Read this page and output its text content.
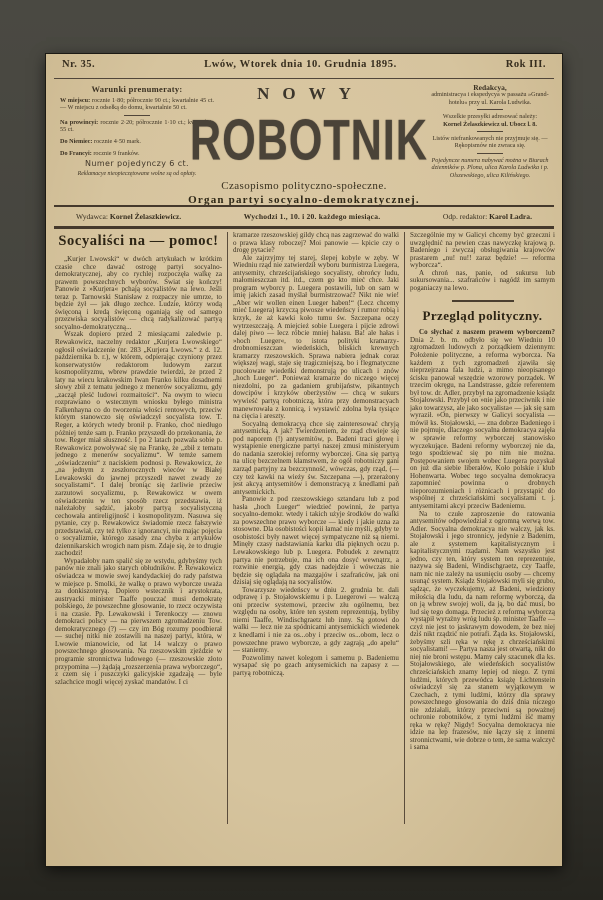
Nr. 35.	Lwów, Wtorek dnia 10. Grudnia 1895.	Rok III.
Warunki prenumeraty:
W miejscu: rocznie 1·80; półrocznie 90 ct.; kwartalnie 45 ct. — W miejscu z odsełką do domu, kwartalnie 50 ct.
Na prowincyi: rocznie 2·20; półrocznie 1·10 ct.; kwartalnie 55 ct.
Do Niemiec: rocznie 4·50 mark.
Do Francyi: rocznie 9 franków.
Numer pojedynczy 6 ct.
Reklamacye nieopieczętowane wolne są od opłaty.
NOWY
ROBOTNIK
Czasopismo polityczno-społeczne.
Organ partyi socyalno-demokratycznej.
Redakcya,
administracya i ekspedycya w passażu »Grand-hotelu« przy ul. Karola Ludwika.
Wszelkie przesyłki adresować należy:
Kornel Żelaszkiewicz ul. Ubocz l. 8.
Listów niefrankowanych nie przyjmuje się. — Rękopismów nie zwraca się.
Pojedyncze numera nabywać można w Biurach dzienników p. Plona, ulica Karola Ludwika i p. Olszewskiego, ulica Kilińskiego.
Wydawca: Kornel Żelaszkiewicz.	Wychodzi 1., 10. i 20. każdego miesiąca.	Odp. redaktor: Karol Ładra.
Socyaliści na — pomoc!

„Kurjer Lwowski“ w dwóch artykułach w krótkim czasie chce dawać ostrogę partyi socyalno-demokratycznej, aby co rychlej rozpoczęła walkę za prawem powszechnych wyborów. Świat się kończy! Panowie z »Kurjera« pchają socyalistów na lewo. Jeśli teraz p. Tarnowski Stanisław z rozpaczy nie umrze, to będzie żył — jak długo zechce. Ludzie, którzy wodą święconą i kredą święconą oganiają się od samego przezwiska socyalistów — chcą radykalizować partyą socyalno-demokratyczną...

Wszak dopiero przed 2 miesiącami zaledwie p. Rewakowicz, naczelny redaktor „Kurjera Lwowskiego“ ogłosił oświadczenie (nr. 283 „Kurjera Lwows.“ z d. 12. października b. r.), w którem, odpierając czyniony przez konserwatystów redaktorom ludowym zarzut kosmopolityzmu, wbrew prawdzie twierdzi, że przed 2 laty na wiecu krakowskim Iwan Franko kilku dosadnemi słowy zbił z tematu jednego z menerów socyalizmu, gdy „zaczął pleść ludowi rozmaitości“. Na owym to wiecu rozprawiano o wstecznym wniosku byłego ministra Falkenhayna co do tworzenia włości rentowych, przeciw którym stanowczo się oświadczył socyalista tow. T. Reger, a których wtedy bronił p. Franko, choć niedługo później tenże sam p. Franko przyszedł do przekonania, że tow. Reger miał słuszność. I po 2 latach pozwala sobie p. Rewakowicz powoływać się na Frankę, że „zbił z tematu jednego z menerów socyalizmu“. W temże samem „oświadczeniu“ z naciskiem podnosi p. Rewakowicz, że „na jednym z zeszłorocznych wieców w Białej Lewakowski do jawnej przyszedł nawet zwady ze socyalistami“. I dalej broniąc się żarliwie przeciw zarzutowi socyalizmu, p. Rewakowicz w owem oświadczeniu w ten sposób rzecz przedstawia, iż należałoby sądzić, jakoby partyą socyalistyczną cechowała antireligijność i kosmopolityzm. Nasuwa się pytanie, czy p. Rewakowicz świadomie rzecz fałszywie przedstawiał, czy też tylko z ignorancyi, nie mając pojęcia o socyalizmie, którego zasady zna chyba z artykułów dziennikarskich wrogich nam pism. Zdaje się, że to drugie zachodzi!

Wypadałoby nam spalić się ze wstydu, gdybyśmy tych panów nie znali jako starych obłudników. P. Rewakowicz oświadcza w mowie swej kandydackiej do rady państwa w miejsce p. Smolki, że walkę o prawo wyborcze uważa za donkiszoteryą. Dopiero wstecznik i arystokrata, austryacki minister Taaffe pouczać musi demokratę polskiego, że powszechne głosowanie, to rzecz oczywista i na czasie. Pp. Lewakowski i Terenkoczy — znowu demokraci polscy — na pierwszem zgromadzeniu Tow. demokratycznego (?) — czy im Bóg rozumy poodbierał — suchej nitki nie zostawili na naszej partyi, która, w Lwowie mianowicie, od lat 14 walczy o prawo powszechnego głosowania. Na rzeszowskim zjeździe w programie stronnictwa ludowego (— rzeszowskie złoto przypomina —) żądają „rozszerzenia prawa wyborczego“, z czem się i puszczyki galicyjskie zgadzają — byle szlachcice mogli więcej zyskać mandatów. I ci

kramarze rzeszowskiej gildy chcą nas zagrzewać do walki o prawa klasy roboczej? Moi panowie — kpicie czy o drogę pytacie?

Ale zajrzyjmy tej starej, ślepej kobyle w zęby. W Wiedniu rząd nie zatwierdził wyboru burmistrza Luegera, antysemity, chrześcijańskiego socyalisty, obrońcy ludu, małomieszczan itd. itd., czem go kto mieć chce. Jaki program wyborcy p. Luegera postawili, lub on sam w imię jakich zasad myślał burmistrzować? Nikt nie wie! „Aber wir wollen einen Lueger haben!“ (Lecz chcemy mieć Luegera) krzyczą piwosze wiedeńscy i rumor robią i krzyk, że aż kawki koło tumu św. Szczepana oczy wytrzeszczają. A miejcież sobie Luegera i pijcie zdrowi dalej piwo — lecz róbcie mniej hałasu. Ba! ale hałas i »hoch Lueger«, to istota polityki kramarzy-drobnomieszczan wiedeńskich, bliskich krewnych kramarzy rzeszowskich. Sprawa nabiera jednak coraz większej wagi, staje się tragiczniejszą, bo i flegmatyczne pucołowate wiedeńki demonstrują po ulicach i znów „hoch Lueger“. Ponieważ kramarze do niczego więcej niezdolni, po za gadaniem grubijaństw, pikantnych dowcipów i krzyków oberżystów — chcą w sukurs wywieść partyą robotniczą, która przy demonstracyach manewrowała z konnicą, i wystawić zdolna była tysiące na cięcia i areszty.

Socyalną demokracyą chce się zainteresować chryją antysemicką. A jak? Twierdzeniem, że rząd chwieje się pod naporem (!) antysemitów, p. Badeni traci głowę i wystąpienie energiczne partyi naszej zmusi ministeryum do nadania szerokiej reformy wyborczej. Gna się partyą na ulicę bezczelnem kłamstwem, że ogół robotniczy gani zarząd partyjny za bezczynność, wówczas, gdy rząd, (— czy też kawki na wieży św. Szczepana —), przerażony jest akcyą antysemitów i demonstracyą z knedlami pań antysemickich.

Panowie z pod rzeszowskiego sztandaru lub z pod hasła „hoch Lueger“ wiedzieć powinni, że partya socyalno-demokr. wtedy i takich użyje środków do walki za powszechne prawo wyborcze — kiedy i jakie uzna za stosowne. Dla osobistości kopii łamać nie myśli, gdyby te osobistości były nawet więcej sympatyczne niż są niemi. Minęły czasy nadstawiania karku dla pięknych oczu p. Lewakowskiego lub p. Luegera. Pobudek z zewnątrz partya nie potrzebuje, ma ich ona dosyć wewnątrz, a rozwinie energią, gdy czas nadejdzie i wówczas nie będzie się oglądała na mazgajów i szafrańców, jak oni dzisiaj się oglądają na socyalistów.

Towarzysze wiedeńscy w dniu 2. grudnia br. dali odprawę i p. Stojałowskiemu i p. Luegerowi — walczą oni przeciw systemowi, przeciw złu ogólnemu, bez względu na osoby, które ten system reprezentują, byliby niemi Taaffe, Windischgraetz lub inny. Są gotowi do walki — lecz nie za spódnicami antysemickich wiedenek z knedlami i nie za os...oby i przeciw os...obom, lecz o powszechne prawo wyborcze, a gdy zagrają „do apelu“ — staniemy.

Pozwolimy nawet kolegom i samemu p. Badeniemu wysapać się po gzach antysemickich na zapasy z — partyą robotniczą.

Szczególnie my w Galicyi chcemy być grzeczni i uwzględnić na pewien czas nawyczkę krajową p. Badeniego i zwyczaj obsługiwania krajowców prastarem „nu! nu!! zaraz będzie! — reforma wyborcza“.

A chroń nas, panie, od sukursu lub sukursowania... szafrańców i nagódź im samym poganiaczy na lewo.

Przegląd polityczny.

Co słychać z naszem prawem wyborczem? Dnia 2. b. m. odbyło się we Wiedniu 10 zgromadzeń ludowych z porządkiem dziennym: Położenie polityczne, a reforma wyborcza. Na każdem z tych zgromadzeń zjawiła się nieprzejrzana fala ludzi, a mimo nieopisanego ścisku panował wszędzie wzorowy porządek. W trzecim okręgu, na Landstrasse, gdzie referentem był tow. dr. Adler, przybył na zgromadzenie ksiądz Stojałowski. Przybył on »nie jako przeciwnik i nie jako towarzysz, ale jako socyalista« — jak się sam wyraził. »On, pierwszy w Galicyi socyalista — mówił ks. Stojałowski, — zna dobrze Badeniego i nie pojmuje, dlaczego socyalna demokracya zajęła w sprawie reformy wyborczej stanowisko wyczekujące. Badeni reformy wyborczej nie da, tego spodziewać się po nim nie można. Postępowaniem swojem wobec Luegera pozyskał on już dla siebie liberałów, Koło polskie i klub Hohenwarta. Wobec tego socyalna demokracya zapomnieć powinna o drobnych nieporozumieniach i różnicach i przystąpić do wspólnej z chrześciańskimi socyalistami t. j. antysemitami akcyi przeciw Badeniemu.

Na to czułe zaproszenie do ratowania antysemitów odpowiedział z ogromną werwą tow. Adler. Socyalna demokracya nie walczy, jak ks. Stojałowski i jego stronnicy, jedynie z Badenim, ale z systemem kapitalistycznym i kapitalistycznymi rządami. Nam wszystko jest jedno, czy ten, który system ten reprezentuje, nazywa się Badeni, Windischgraetz, czy Taaffe, nam nic nie zależy na usunięciu osoby — chcemy usunąć system. Ksiądz Stojałowski myli się grubo, sądząc, że wyczekujemy, aż Badeni, wiedziony miłością dla ludu, da nam reformę wyborczą, da on ją wbrew swojej woli, da ją, bo dać musi, bo lud się tego domaga. Przecież z reformą wyborczą wystąpił wyraźny wróg ludu śp. minister Taaffe — czyż nie jest to jaskrawym dowodem, że bez niej dziś nikt rządzić nie potrafi. Żąda ks. Stojałowski, żebyśmy szli ręka w rękę z chrześciańskimi socyalistami! — Partya nasza jest otwartą, nikt do niej nie broni wstępu. Mamy cały szacunek dla ks. Stojałowskiego, ale wiedeńskich socyalistów chrześciańskich znamy lepiej od niego. Z tymi ludźmi, których przewódca książę Lichtenstein oświadczył się za stanem wyjątkowym w Czechach, z tymi ludźmi, którzy dla sprawy powszechnego głosowania do dziś dnia niczego nie zdziałali, którzy przeciwni są poważnej ochronie robotników, z tymi ludźmi iść mamy ręka w rękę? Nigdy! Socyalna demokracya nie idzie na lep frazesów, nie łączy się z innemi stronnictwami, wie dobrze o tem, że sama walczyć i sama
